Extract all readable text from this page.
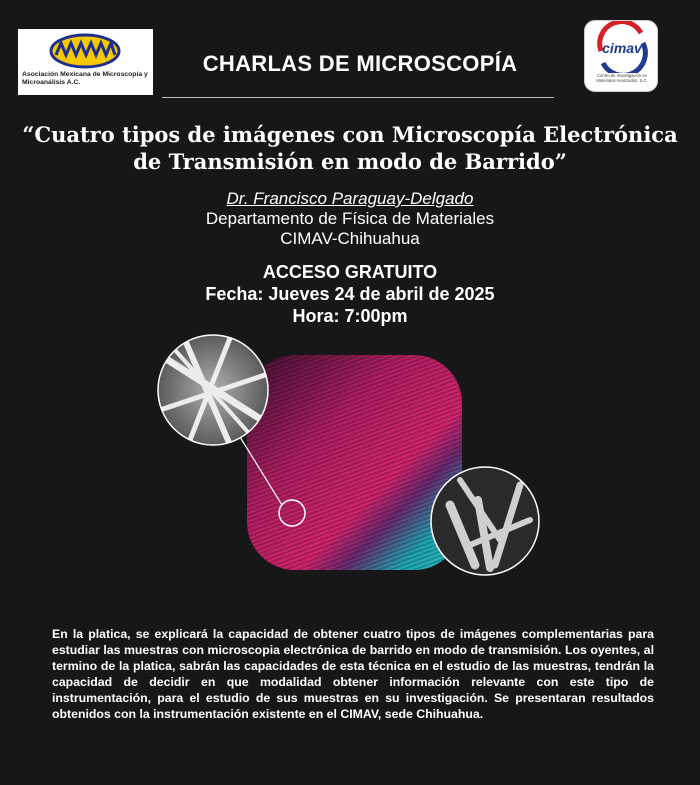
Asociación Mexicana de Microscopía y Microanálisis A.C.
CHARLAS DE MICROSCOPÍA
cimav
Centro de Investigación en Materiales Avanzados, S.C.
“Cuatro tipos de imágenes con Microscopía Electrónica de Transmisión en modo de Barrido”
Dr. Francisco Paraguay-Delgado
Departamento de Física de Materiales
CIMAV-Chihuahua
ACCESO GRATUITO
Fecha: Jueves 24 de abril de 2025 Hora: 7:00pm
En la platica, se explicará la capacidad de obtener cuatro tipos de imágenes complementarias para estudiar las muestras con microscopia electrónica de barrido en modo de transmisión. Los oyentes, al termino de la platica, sabrán las capacidades de esta técnica en el estudio de las muestras, tendrán la capacidad de decidir en que modalidad obtener información relevante con este tipo de instrumentación, para el estudio de sus muestras en su investigación. Se presentaran resultados obtenidos con la instrumentación existente en el CIMAV, sede Chihuahua.
